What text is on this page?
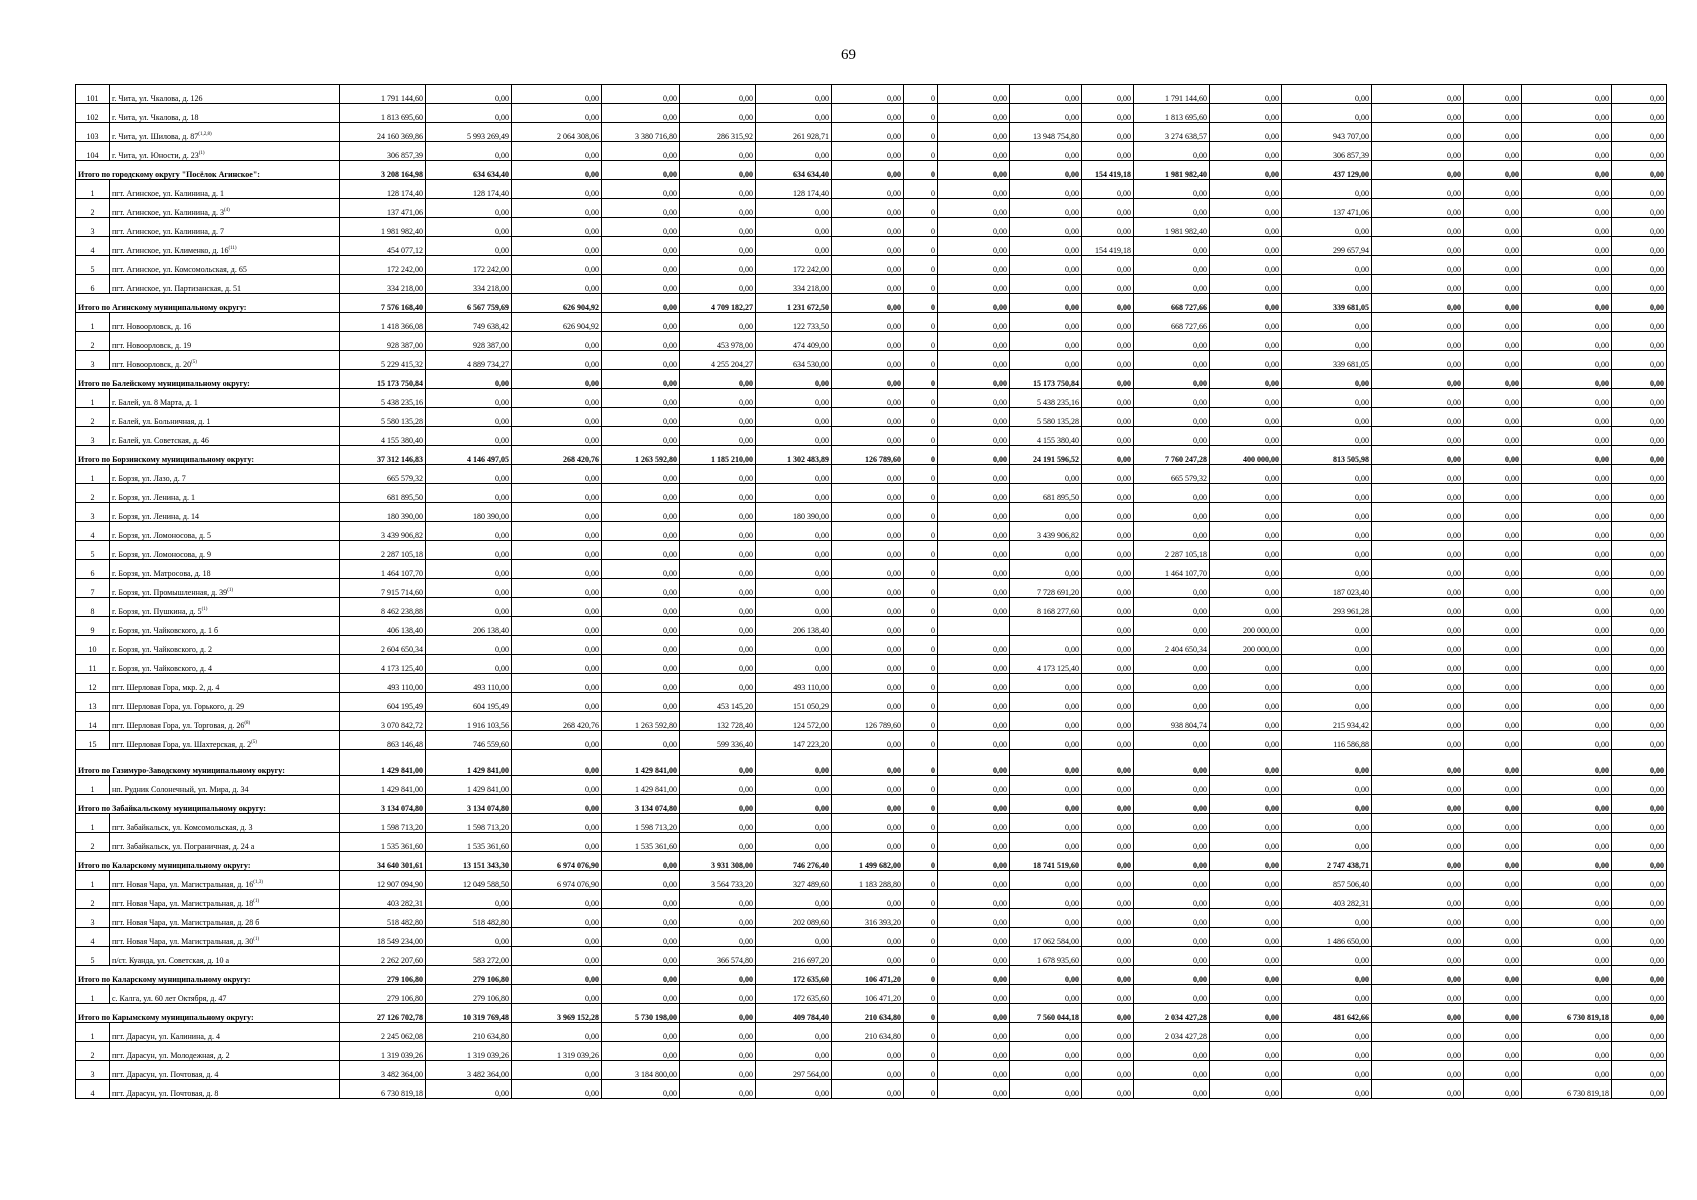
69
101	г. Чита, ул. Чкалова, д. 126	1 791 144,60	0,00	0,00	0,00	0,00	0,00	0,00	0	0,00	0,00	0,00	1 791 144,60	0,00	0,00	0,00	0,00	0,00	0,00
102	г. Чита, ул. Чкалова, д. 18	1 813 695,60	0,00	0,00	0,00	0,00	0,00	0,00	0	0,00	0,00	0,00	1 813 695,60	0,00	0,00	0,00	0,00	0,00	0,00
103	г. Чита, ул. Шилова, д. 87$^{(1,2,8)}$	24 160 369,86	5 993 269,49	2 064 308,06	3 380 716,80	286 315,92	261 928,71	0,00	0	0,00	13 948 754,80	0,00	3 274 638,57	0,00	943 707,00	0,00	0,00	0,00	0,00
104	г. Чита, ул. Юности, д. 23$^{(1)}$	306 857,39	0,00	0,00	0,00	0,00	0,00	0,00	0	0,00	0,00	0,00	0,00	0,00	306 857,39	0,00	0,00	0,00	0,00
Итого по городскому округу "Посёлок Агинское":		3 208 164,98	634 634,40	0,00	0,00	0,00	634 634,40	0,00	0	0,00	0,00	154 419,18	1 981 982,40	0,00	437 129,00	0,00	0,00	0,00	0,00
1	пгт. Агинское, ул. Калинина, д. 1	128 174,40	128 174,40	0,00	0,00	0,00	128 174,40	0,00	0	0,00	0,00	0,00	0,00	0,00	0,00	0,00	0,00	0,00	0,00
2	пгт. Агинское, ул. Калинина, д. 3$^{(4)}$	137 471,06	0,00	0,00	0,00	0,00	0,00	0,00	0	0,00	0,00	0,00	0,00	0,00	137 471,06	0,00	0,00	0,00	0,00
3	пгт. Агинское, ул. Калинина, д. 7	1 981 982,40	0,00	0,00	0,00	0,00	0,00	0,00	0	0,00	0,00	0,00	1 981 982,40	0,00	0,00	0,00	0,00	0,00	0,00
4	пгт. Агинское, ул. Клименко, д. 16$^{(11)}$	454 077,12	0,00	0,00	0,00	0,00	0,00	0,00	0	0,00	0,00	154 419,18	0,00	0,00	299 657,94	0,00	0,00	0,00	0,00
5	пгт. Агинское, ул. Комсомольская, д. 65	172 242,00	172 242,00	0,00	0,00	0,00	172 242,00	0,00	0	0,00	0,00	0,00	0,00	0,00	0,00	0,00	0,00	0,00	0,00
6	пгт. Агинское, ул. Партизанская, д. 51	334 218,00	334 218,00	0,00	0,00	0,00	334 218,00	0,00	0	0,00	0,00	0,00	0,00	0,00	0,00	0,00	0,00	0,00	0,00
Итого по Агинскому муниципальному округу:		7 576 168,40	6 567 759,69	626 904,92	0,00	4 709 182,27	1 231 672,50	0,00	0	0,00	0,00	0,00	668 727,66	0,00	339 681,05	0,00	0,00	0,00	0,00
1	пгт. Новоорловск, д. 16	1 418 366,08	749 638,42	626 904,92	0,00	0,00	122 733,50	0,00	0	0,00	0,00	0,00	668 727,66	0,00	0,00	0,00	0,00	0,00	0,00
2	пгт. Новоорловск, д. 19	928 387,00	928 387,00	0,00	0,00	453 978,00	474 409,00	0,00	0	0,00	0,00	0,00	0,00	0,00	0,00	0,00	0,00	0,00	0,00
3	пгт. Новоорловск, д. 20$^{(5)}$	5 229 415,32	4 889 734,27	0,00	0,00	4 255 204,27	634 530,00	0,00	0	0,00	0,00	0,00	0,00	0,00	339 681,05	0,00	0,00	0,00	0,00
Итого по Балейскому муниципальному округу:		15 173 750,84	0,00	0,00	0,00	0,00	0,00	0,00	0	0,00	15 173 750,84	0,00	0,00	0,00	0,00	0,00	0,00	0,00	0,00
1	г. Балей, ул. 8 Марта, д. 1	5 438 235,16	0,00	0,00	0,00	0,00	0,00	0,00	0	0,00	5 438 235,16	0,00	0,00	0,00	0,00	0,00	0,00	0,00	0,00
2	г. Балей, ул. Больничная, д. 1	5 580 135,28	0,00	0,00	0,00	0,00	0,00	0,00	0	0,00	5 580 135,28	0,00	0,00	0,00	0,00	0,00	0,00	0,00	0,00
3	г. Балей, ул. Советская, д. 46	4 155 380,40	0,00	0,00	0,00	0,00	0,00	0,00	0	0,00	4 155 380,40	0,00	0,00	0,00	0,00	0,00	0,00	0,00	0,00
Итого по Борзинскому муниципальному округу:		37 312 146,83	4 146 497,05	268 420,76	1 263 592,80	1 185 210,00	1 302 483,89	126 789,60	0	0,00	24 191 596,52	0,00	7 760 247,28	400 000,00	813 505,98	0,00	0,00	0,00	0,00
1	г. Борзя, ул. Лазо, д. 7	665 579,32	0,00	0,00	0,00	0,00	0,00	0,00	0	0,00	0,00	0,00	665 579,32	0,00	0,00	0,00	0,00	0,00	0,00
2	г. Борзя, ул. Ленина, д. 1	681 895,50	0,00	0,00	0,00	0,00	0,00	0,00	0	0,00	681 895,50	0,00	0,00	0,00	0,00	0,00	0,00	0,00	0,00
3	г. Борзя, ул. Ленина, д. 14	180 390,00	180 390,00	0,00	0,00	0,00	180 390,00	0,00	0	0,00	0,00	0,00	0,00	0,00	0,00	0,00	0,00	0,00	0,00
4	г. Борзя, ул. Ломоносова, д. 5	3 439 906,82	0,00	0,00	0,00	0,00	0,00	0,00	0	0,00	3 439 906,82	0,00	0,00	0,00	0,00	0,00	0,00	0,00	0,00
5	г. Борзя, ул. Ломоносова, д. 9	2 287 105,18	0,00	0,00	0,00	0,00	0,00	0,00	0	0,00	0,00	0,00	2 287 105,18	0,00	0,00	0,00	0,00	0,00	0,00
6	г. Борзя, ул. Матросова, д. 18	1 464 107,70	0,00	0,00	0,00	0,00	0,00	0,00	0	0,00	0,00	0,00	1 464 107,70	0,00	0,00	0,00	0,00	0,00	0,00
7	г. Борзя, ул. Промышленная, д. 39$^{(1)}$	7 915 714,60	0,00	0,00	0,00	0,00	0,00	0,00	0	0,00	7 728 691,20	0,00	0,00	0,00	187 023,40	0,00	0,00	0,00	0,00
8	г. Борзя, ул. Пушкина, д. 5$^{(1)}$	8 462 238,88	0,00	0,00	0,00	0,00	0,00	0,00	0	0,00	8 168 277,60	0,00	0,00	0,00	293 961,28	0,00	0,00	0,00	0,00
9	г. Борзя, ул. Чайковского, д. 1 б	406 138,40	206 138,40	0,00	0,00	0,00	206 138,40	0,00	0			0,00	0,00	200 000,00	0,00	0,00	0,00	0,00	0,00
10	г. Борзя, ул. Чайковского, д. 2	2 604 650,34	0,00	0,00	0,00	0,00	0,00	0,00	0	0,00	0,00	0,00	2 404 650,34	200 000,00	0,00	0,00	0,00	0,00	0,00
11	г. Борзя, ул. Чайковского, д. 4	4 173 125,40	0,00	0,00	0,00	0,00	0,00	0,00	0	0,00	4 173 125,40	0,00	0,00	0,00	0,00	0,00	0,00	0,00	0,00
12	пгт. Шерловая Гора, мкр. 2, д. 4	493 110,00	493 110,00	0,00	0,00	0,00	493 110,00	0,00	0	0,00	0,00	0,00	0,00	0,00	0,00	0,00	0,00	0,00	0,00
13	пгт. Шерловая Гора, ул. Горького, д. 29	604 195,49	604 195,49	0,00	0,00	453 145,20	151 050,29	0,00	0	0,00	0,00	0,00	0,00	0,00	0,00	0,00	0,00	0,00	0,00
14	пгт. Шерловая Гора, ул. Торговая, д. 26$^{(8)}$	3 070 842,72	1 916 103,56	268 420,76	1 263 592,80	132 728,40	124 572,00	126 789,60	0	0,00	0,00	0,00	938 804,74	0,00	215 934,42	0,00	0,00	0,00	0,00
15	пгт. Шерловая Гора, ул. Шахтерская, д. 2$^{(5)}$	863 146,48	746 559,60	0,00	0,00	599 336,40	147 223,20	0,00	0	0,00	0,00	0,00	0,00	0,00	116 586,88	0,00	0,00	0,00	0,00
Итого по Газимуро-Заводскому муниципальному округу:		1 429 841,00	1 429 841,00	0,00	1 429 841,00	0,00	0,00	0,00	0	0,00	0,00	0,00	0,00	0,00	0,00	0,00	0,00	0,00	0,00
1	нп. Рудник Солонечный, ул. Мира, д. 34	1 429 841,00	1 429 841,00	0,00	1 429 841,00	0,00	0,00	0,00	0	0,00	0,00	0,00	0,00	0,00	0,00	0,00	0,00	0,00	0,00
Итого по Забайкальскому муниципальному округу:		3 134 074,80	3 134 074,80	0,00	3 134 074,80	0,00	0,00	0,00	0	0,00	0,00	0,00	0,00	0,00	0,00	0,00	0,00	0,00	0,00
1	пгт. Забайкальск, ул. Комсомольская, д. 3	1 598 713,20	1 598 713,20	0,00	1 598 713,20	0,00	0,00	0,00	0	0,00	0,00	0,00	0,00	0,00	0,00	0,00	0,00	0,00	0,00
2	пгт. Забайкальск, ул. Пограничная, д. 24 а	1 535 361,60	1 535 361,60	0,00	1 535 361,60	0,00	0,00	0,00	0	0,00	0,00	0,00	0,00	0,00	0,00	0,00	0,00	0,00	0,00
Итого по Каларскому муниципальному округу:		34 640 301,61	13 151 343,30	6 974 076,90	0,00	3 931 308,00	746 276,40	1 499 682,00	0	0,00	18 741 519,60	0,00	0,00	0,00	2 747 438,71	0,00	0,00	0,00	0,00
1	пгт. Новая Чара, ул. Магистральная, д. 16$^{(1,3)}$	12 907 094,90	12 049 588,50	6 974 076,90	0,00	3 564 733,20	327 489,60	1 183 288,80	0	0,00	0,00	0,00	0,00	0,00	857 506,40	0,00	0,00	0,00	0,00
2	пгт. Новая Чара, ул. Магистральная, д. 18$^{(1)}$	403 282,31	0,00	0,00	0,00	0,00	0,00	0,00	0	0,00	0,00	0,00	0,00	0,00	403 282,31	0,00	0,00	0,00	0,00
3	пгт. Новая Чара, ул. Магистральная, д. 28 б	518 482,80	518 482,80	0,00	0,00	0,00	202 089,60	316 393,20	0	0,00	0,00	0,00	0,00	0,00	0,00	0,00	0,00	0,00	0,00
4	пгт. Новая Чара, ул. Магистральная, д. 30$^{(1)}$	18 549 234,00	0,00	0,00	0,00	0,00	0,00	0,00	0	0,00	17 062 584,00	0,00	0,00	0,00	1 486 650,00	0,00	0,00	0,00	0,00
5	п/ст. Куанда, ул. Советская, д. 10 а	2 262 207,60	583 272,00	0,00	0,00	366 574,80	216 697,20	0,00	0	0,00	1 678 935,60	0,00	0,00	0,00	0,00	0,00	0,00	0,00	0,00
Итого по Каларскому муниципальному округу:		279 106,80	279 106,80	0,00	0,00	0,00	172 635,60	106 471,20	0	0,00	0,00	0,00	0,00	0,00	0,00	0,00	0,00	0,00	0,00
1	с. Калга, ул. 60 лет Октября, д. 47	279 106,80	279 106,80	0,00	0,00	0,00	172 635,60	106 471,20	0	0,00	0,00	0,00	0,00	0,00	0,00	0,00	0,00	0,00	0,00
Итого по Карымскому муниципальному округу:		27 126 702,78	10 319 769,48	3 969 152,28	5 730 198,00	0,00	409 784,40	210 634,80	0	0,00	7 560 044,18	0,00	2 034 427,28	0,00	481 642,66	0,00	0,00	6 730 819,18	0,00
1	пгт. Дарасун, ул. Калинина, д. 4	2 245 062,08	210 634,80	0,00	0,00	0,00	0,00	210 634,80	0	0,00	0,00	0,00	2 034 427,28	0,00	0,00	0,00	0,00	0,00	0,00
2	пгт. Дарасун, ул. Молодежная, д. 2	1 319 039,26	1 319 039,26	1 319 039,26	0,00	0,00	0,00	0,00	0	0,00	0,00	0,00	0,00	0,00	0,00	0,00	0,00	0,00	0,00
3	пгт. Дарасун, ул. Почтовая, д. 4	3 482 364,00	3 482 364,00	0,00	3 184 800,00	0,00	297 564,00	0,00	0	0,00	0,00	0,00	0,00	0,00	0,00	0,00	0,00	0,00	0,00
4	пгт. Дарасун, ул. Почтовая, д. 8	6 730 819,18	0,00	0,00	0,00	0,00	0,00	0,00	0	0,00	0,00	0,00	0,00	0,00	0,00	0,00	0,00	6 730 819,18	0,00
